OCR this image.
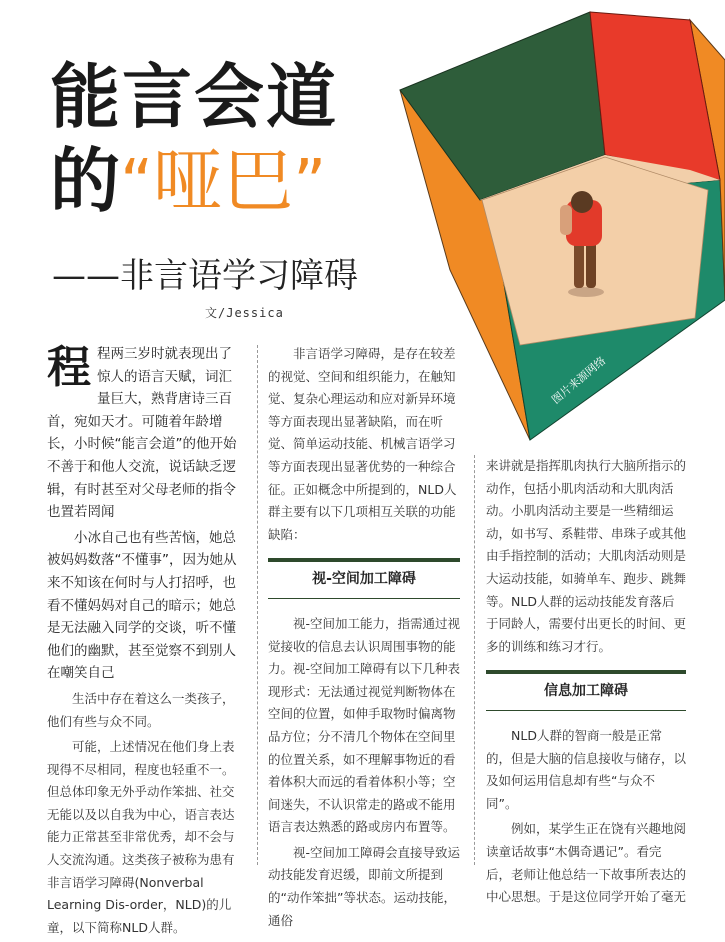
图片来源网络
能言会道
的“哑巴”
——非言语学习障碍
文/Jessica

程程两三岁时就表现出了惊人的语言天赋，词汇量巨大，熟背唐诗三百首，宛如天才。可随着年龄增长，小时候“能言会道”的他开始不善于和他人交流，说话缺乏逻辑，有时甚至对父母老师的指令也置若罔闻

小冰自己也有些苦恼，她总被妈妈数落“不懂事”，因为她从来不知该在何时与人打招呼，也看不懂妈妈对自己的暗示；她总是无法融入同学的交谈，听不懂他们的幽默，甚至觉察不到别人在嘲笑自己

生活中存在着这么一类孩子，他们有些与众不同。

可能，上述情况在他们身上表现得不尽相同，程度也轻重不一。但总体印象无外乎动作笨拙、社交无能以及以自我为中心，语言表达能力正常甚至非常优秀，却不会与人交流沟通。这类孩子被称为患有非言语学习障碍(Nonverbal Learning Dis-order，NLD)的儿童，以下简称NLD人群。

非言语学习障碍，是存在较差的视觉、空间和组织能力，在触知觉、复杂心理运动和应对新异环境等方面表现出显著缺陷，而在听觉、简单运动技能、机械言语学习等方面表现出显著优势的一种综合征。正如概念中所提到的，NLD人群主要有以下几项相互关联的功能缺陷：

视-空间加工障碍

视-空间加工能力，指需通过视觉接收的信息去认识周围事物的能力。视-空间加工障碍有以下几种表现形式：无法通过视觉判断物体在空间的位置，如伸手取物时偏离物品方位；分不清几个物体在空间里的位置关系，如不理解事物近的看着体积大而远的看着体积小等；空间迷失，不认识常走的路或不能用语言表达熟悉的路或房内布置等。

视-空间加工障碍会直接导致运动技能发育迟缓，即前文所提到的“动作笨拙”等状态。运动技能，通俗

来讲就是指挥肌肉执行大脑所指示的动作，包括小肌肉活动和大肌肉活动。小肌肉活动主要是一些精细运动，如书写、系鞋带、串珠子或其他由手指控制的活动；大肌肉活动则是大运动技能，如骑单车、跑步、跳舞等。NLD人群的运动技能发育落后于同龄人，需要付出更长的时间、更多的训练和练习才行。

信息加工障碍

NLD人群的智商一般是正常的，但是大脑的信息接收与储存，以及如何运用信息却有些“与众不同”。

例如，某学生正在饶有兴趣地阅读童话故事“木偶奇遇记”。看完后，老师让他总结一下故事所表达的中心思想。于是这位同学开始了毫无
